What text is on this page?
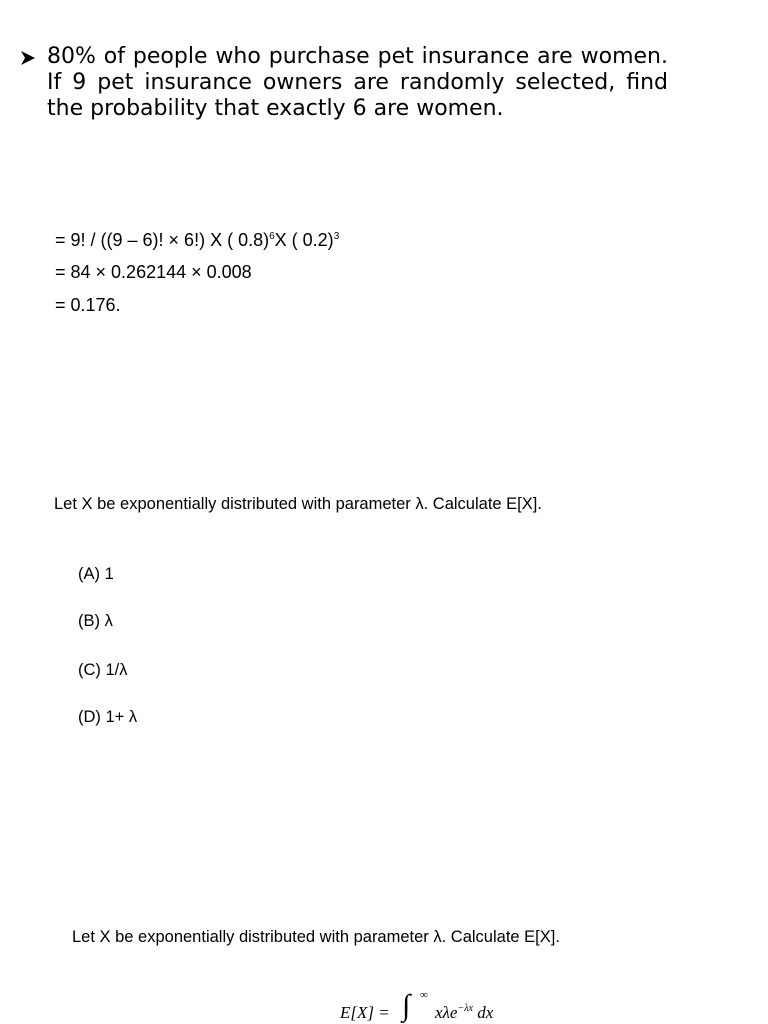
80% of people who purchase pet insurance are women. If 9 pet insurance owners are randomly selected, find the probability that exactly 6 are women.
= 9! / ((9 – 6)! × 6!) X ( 0.8)$^6$X ( 0.2)$^3$
= 84 × 0.262144 × 0.008
= 0.176.
Let X be exponentially distributed with parameter λ. Calculate E[X].
(A) 1
(B) λ
(C) 1/λ
(D) 1+ λ
Let X be exponentially distributed with parameter λ. Calculate E[X].
E[X] = ∫ ∞
xλe$^{-\lambda x}$ dx
